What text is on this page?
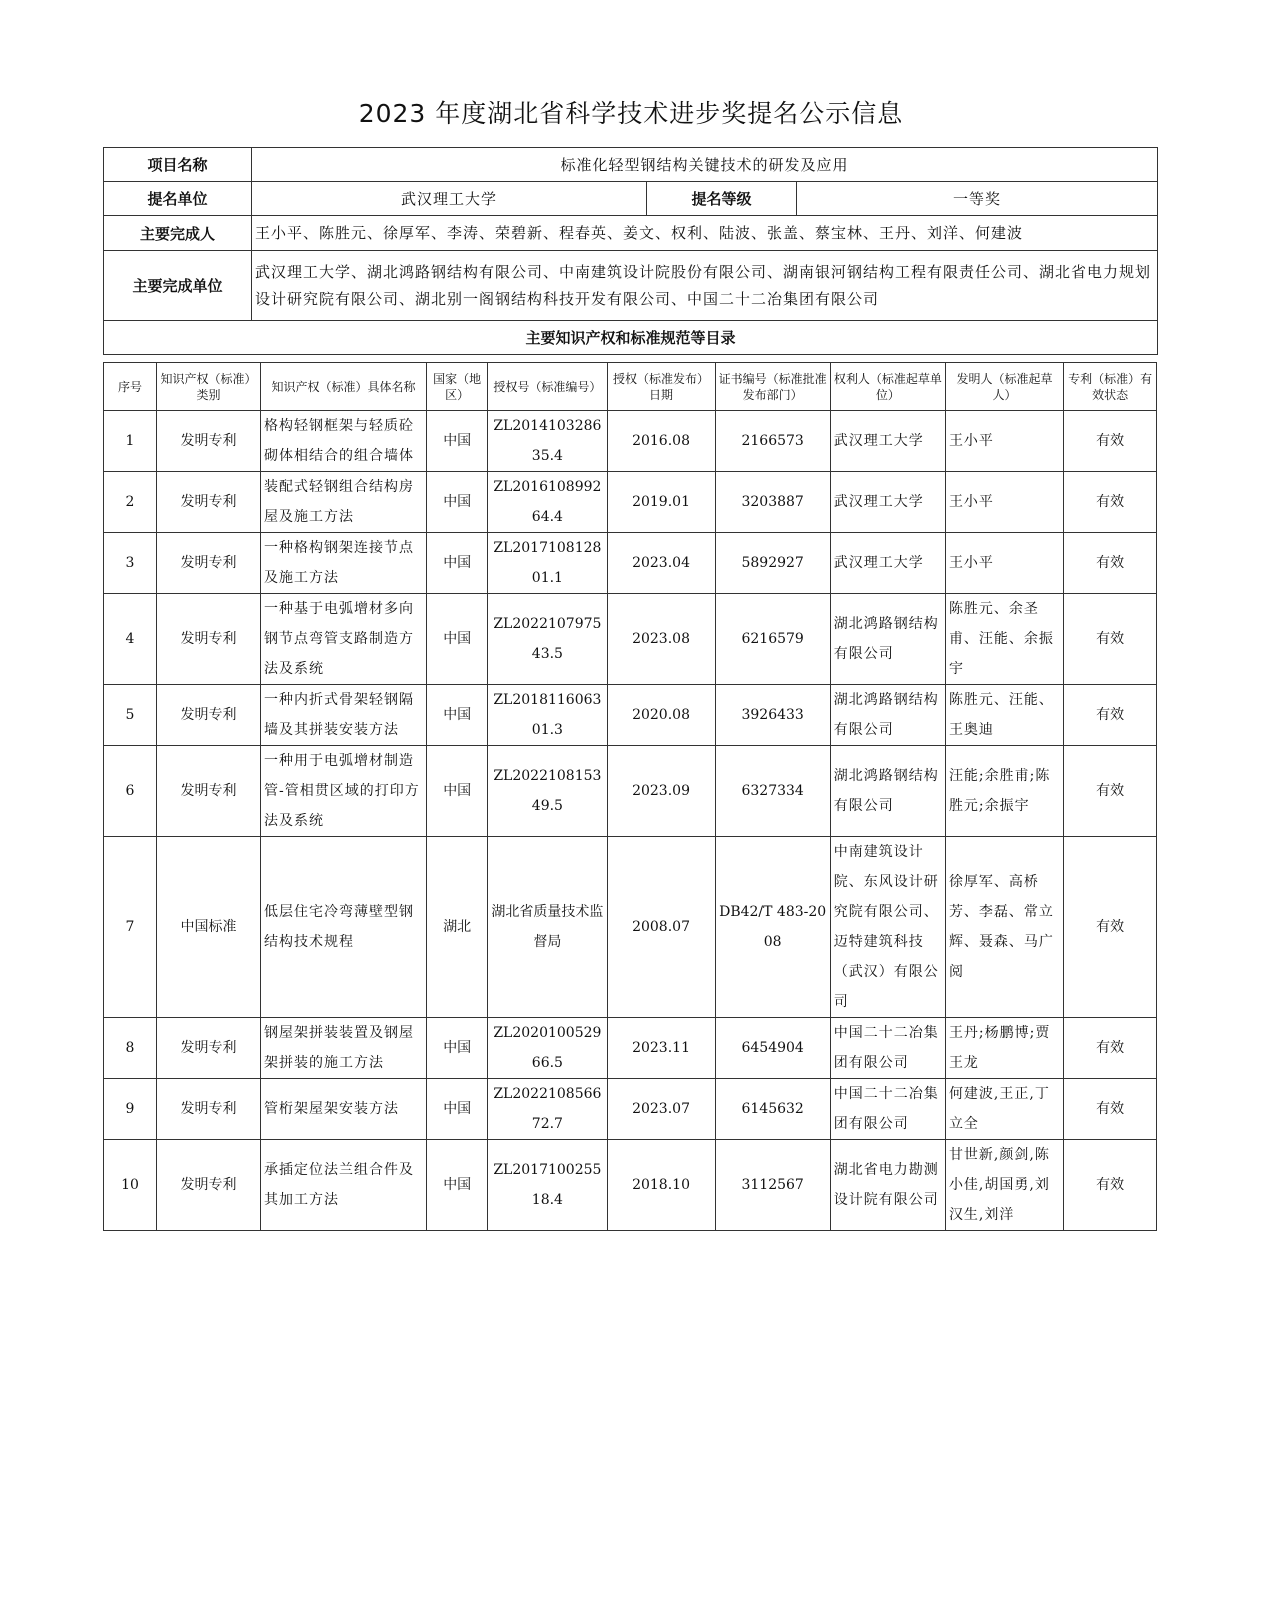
2023 年度湖北省科学技术进步奖提名公示信息
项目名称	标准化轻型钢结构关键技术的研发及应用		
提名单位	武汉理工大学	提名等级	一等奖
主要完成人	王小平、陈胜元、徐厚军、李涛、荣碧新、程春英、姜文、权利、陆波、张盖、蔡宝林、王丹、刘洋、何建波		
主要完成单位	武汉理工大学、湖北鸿路钢结构有限公司、中南建筑设计院股份有限公司、湖南银河钢结构工程有限责任公司、湖北省电力规划设计研究院有限公司、湖北别一阁钢结构科技开发有限公司、中国二十二冶集团有限公司		
主要知识产权和标准规范等目录			
序号	知识产权（标准）类别	知识产权（标准）具体名称	国家（地区）	授权号（标准编号）	授权（标准发布）日期	证书编号（标准批准发布部门）	权利人（标准起草单位）	发明人（标准起草人）	专利（标准）有效状态
1	发明专利	格构轻钢框架与轻质砼砌体相结合的组合墙体	中国	ZL201410328635.4	2016.08	2166573	武汉理工大学	王小平	有效
2	发明专利	装配式轻钢组合结构房屋及施工方法	中国	ZL201610899264.4	2019.01	3203887	武汉理工大学	王小平	有效
3	发明专利	一种格构钢架连接节点及施工方法	中国	ZL201710812801.1	2023.04	5892927	武汉理工大学	王小平	有效
4	发明专利	一种基于电弧增材多向钢节点弯管支路制造方法及系统	中国	ZL202210797543.5	2023.08	6216579	湖北鸿路钢结构有限公司	陈胜元、余圣甫、汪能、余振宇	有效
5	发明专利	一种内折式骨架轻钢隔墙及其拼装安装方法	中国	ZL201811606301.3	2020.08	3926433	湖北鸿路钢结构有限公司	陈胜元、汪能、王奥迪	有效
6	发明专利	一种用于电弧增材制造管-管相贯区域的打印方法及系统	中国	ZL202210815349.5	2023.09	6327334	湖北鸿路钢结构有限公司	汪能;余胜甫;陈胜元;余振宇	有效
7	中国标准	低层住宅冷弯薄壁型钢结构技术规程	湖北	湖北省质量技术监督局	2008.07	DB42/T 483-2008	中南建筑设计院、东风设计研究院有限公司、迈特建筑科技（武汉）有限公司	徐厚军、高桥芳、李磊、常立辉、聂森、马广阅	有效
8	发明专利	钢屋架拼装装置及钢屋架拼装的施工方法	中国	ZL202010052966.5	2023.11	6454904	中国二十二冶集团有限公司	王丹;杨鹏博;贾王龙	有效
9	发明专利	管桁架屋架安装方法	中国	ZL202210856672.7	2023.07	6145632	中国二十二冶集团有限公司	何建波,王正,丁立全	有效
10	发明专利	承插定位法兰组合件及其加工方法	中国	ZL201710025518.4	2018.10	3112567	湖北省电力勘测设计院有限公司	甘世新,颜剑,陈小佳,胡国勇,刘汉生,刘洋	有效
